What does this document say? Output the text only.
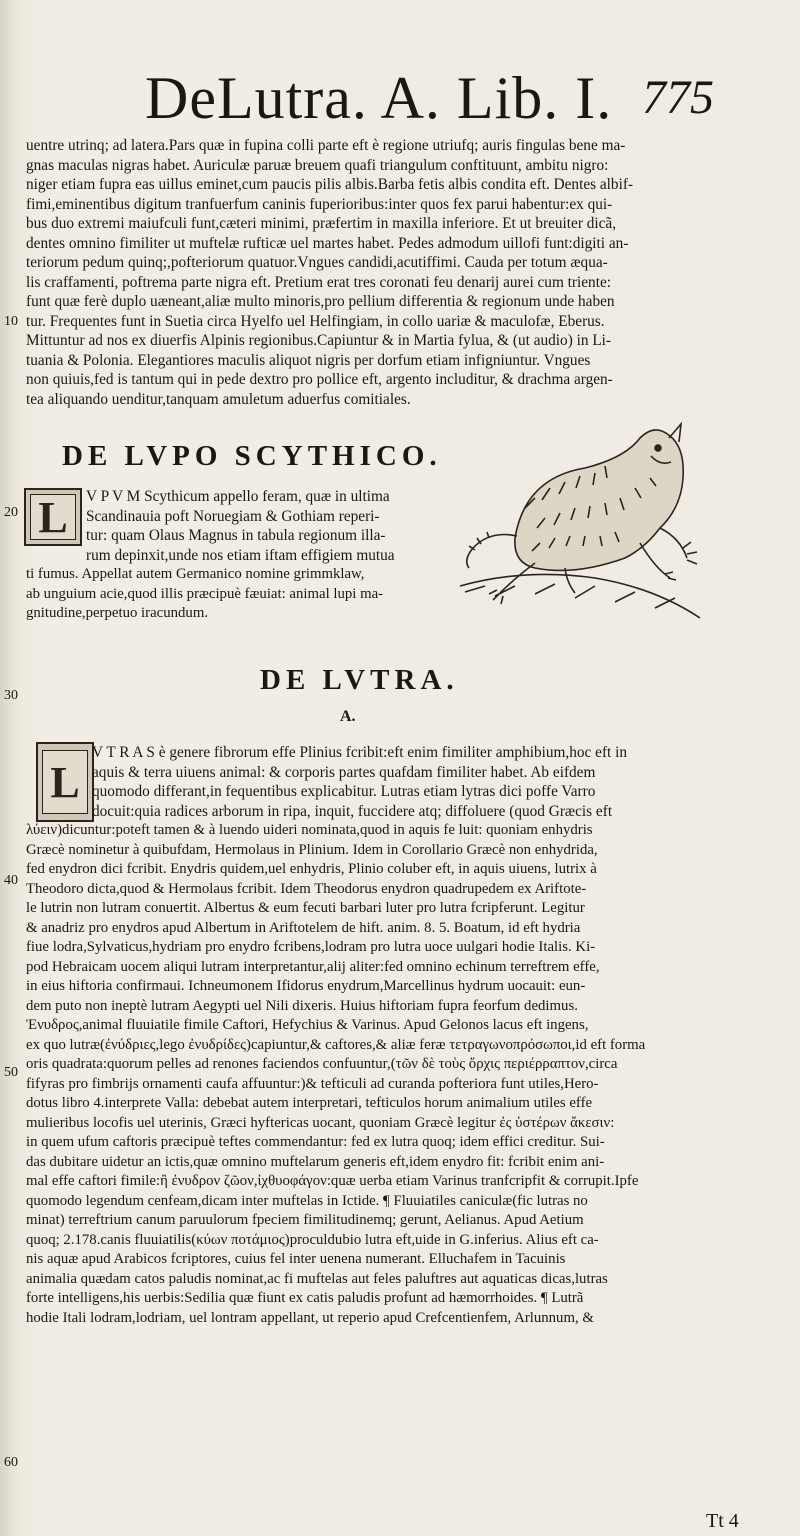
DeLutra. A. Lib. I. 775
uentre utrinq; ad latera.Pars quæ in fupina colli parte eft è regione utriufq; auris fingulas bene ma-
gnas maculas nigras habet. Auriculæ paruæ breuem quafi triangulum conftituunt, ambitu nigro:
niger etiam fupra eas uillus eminet,cum paucis pilis albis.Barba fetis albis condita eft. Dentes albif-
fimi,eminentibus digitum tranfuerfum caninis fuperioribus:inter quos fex parui habentur:ex qui-
bus duo extremi maiufculi funt,cæteri minimi, præfertim in maxilla inferiore. Et ut breuiter dicã,
dentes omnino fimiliter ut muftelæ rufticæ uel martes habet. Pedes admodum uillofi funt:digiti an-
teriorum pedum quinq;,pofteriorum quatuor.Vngues candidi,acutiffimi. Cauda per totum æqua-
lis craffamenti, poftrema parte nigra eft. Pretium erat tres coronati feu denarij aurei cum triente:
funt quæ ferè duplo uæneant,aliæ multo minoris,pro pellium differentia & regionum unde haben
tur. Frequentes funt in Suetia circa Hyelfo uel Helfingiam, in collo uariæ & maculofæ, Eberus.
Mittuntur ad nos ex diuerfis Alpinis regionibus.Capiuntur & in Martia fylua, & (ut audio) in Li-
tuania & Polonia. Elegantiores maculis aliquot nigris per dorfum etiam infigniuntur. Vngues
non quiuis,fed is tantum qui in pede dextro pro pollice eft, argento includitur, & drachma argen-
tea aliquando uenditur,tanquam amuletum aduerfus comitiales.
10
DE LVPO SCYTHICO.
L
20
V P V M Scythicum appello feram, quæ in ultima
Scandinauia poft Noruegiam & Gothiam reperi-
tur: quam Olaus Magnus in tabula regionum illa-
rum depinxit,unde nos etiam iftam effigiem mutua
ti fumus. Appellat autem Germanico nomine grimmklaw,
ab unguium acie,quod illis præcipuè fæuiat: animal lupi ma-
gnitudine,perpetuo iracundum.
DE LVTRA.
A.
L
30
40
50
60
V T R A S è genere fibrorum effe Plinius fcribit:eft enim fimiliter amphibium,hoc eft in
aquis & terra uiuens animal: & corporis partes quafdam fimiliter habet. Ab eifdem
quomodo differant,in fequentibus explicabitur. Lutras etiam lytras dici poffe Varro
docuit:quia radices arborum in ripa, inquit, fuccidere atq; diffoluere (quod Græcis eft
λύειν)dicuntur:poteft tamen & à luendo uideri nominata,quod in aquis fe luit: quoniam enhydris
Græcè nominetur à quibufdam, Hermolaus in Plinium. Idem in Corollario Græcè non enhydrida,
fed enydron dici fcribit. Enydris quidem,uel enhydris, Plinio coluber eft, in aquis uiuens, lutrix à
Theodoro dicta,quod & Hermolaus fcribit. Idem Theodorus enydron quadrupedem ex Ariftote-
le lutrin non lutram conuertit. Albertus & eum fecuti barbari luter pro lutra fcripferunt. Legitur
& anadriz pro enydros apud Albertum in Ariftotelem de hift. anim. 8. 5. Boatum, id eft hydria
fiue lodra,Sylvaticus,hydriam pro enydro fcribens,lodram pro lutra uoce uulgari hodie Italis. Ki-
pod Hebraicam uocem aliqui lutram interpretantur,alij aliter:fed omnino echinum terreftrem effe,
in eius hiftoria confirmaui. Ichneumonem Ifidorus enydrum,Marcellinus hydrum uocauit: eun-
dem puto non ineptè lutram Aegypti uel Nili dixeris. Huius hiftoriam fupra feorfum dedimus.
Ἐνυδρος,animal fluuiatile fimile Caftori, Hefychius & Varinus. Apud Gelonos lacus eft ingens,
ex quo lutræ(ἐνύδριες,lego ἐνυδρίδες)capiuntur,& caftores,& aliæ feræ τετραγωνοπρόσωποι,id eft forma
oris quadrata:quorum pelles ad renones faciendos confuuntur,(τῶν δὲ τοὺς ὄρχις περιέρραπτον,circa
fifyras pro fimbrijs ornamenti caufa affuuntur:)& tefticuli ad curanda pofteriora funt utiles,Hero-
dotus libro 4.interprete Valla: debebat autem interpretari, tefticulos horum animalium utiles effe
mulieribus locofis uel uterinis, Græci hyftericas uocant, quoniam Græcè legitur ἐς ὑστέρων ἄκεσιν:
in quem ufum caftoris præcipuè teftes commendantur: fed ex lutra quoq; idem effici creditur. Sui-
das dubitare uidetur an ictis,quæ omnino muftelarum generis eft,idem enydro fit: fcribit enim ani-
mal effe caftori fimile:ἢ ἐνυδρον ζῶον,ἰχθυοφάγον:quæ uerba etiam Varinus tranfcripfit & corrupit.Ipfe
quomodo legendum cenfeam,dicam inter muftelas in Ictide. ¶ Fluuiatiles caniculæ(fic lutras no
minat) terreftrium canum paruulorum fpeciem fimilitudinemq; gerunt, Aelianus. Apud Aetium
quoq; 2.178.canis fluuiatilis(κύων ποτάμιος)proculdubio lutra eft,uide in G.inferius. Alius eft ca-
nis aquæ apud Arabicos fcriptores, cuius fel inter uenena numerant. Elluchafem in Tacuinis
animalia quædam catos paludis nominat,ac fi muftelas aut feles paluftres aut aquaticas dicas,lutras
forte intelligens,his uerbis:Sedilia quæ fiunt ex catis paludis profunt ad hæmorrhoides. ¶ Lutrã
hodie Itali lodram,lodriam, uel lontram appellant, ut reperio apud Crefcentienfem, Arlunnum, &
Tt 4
